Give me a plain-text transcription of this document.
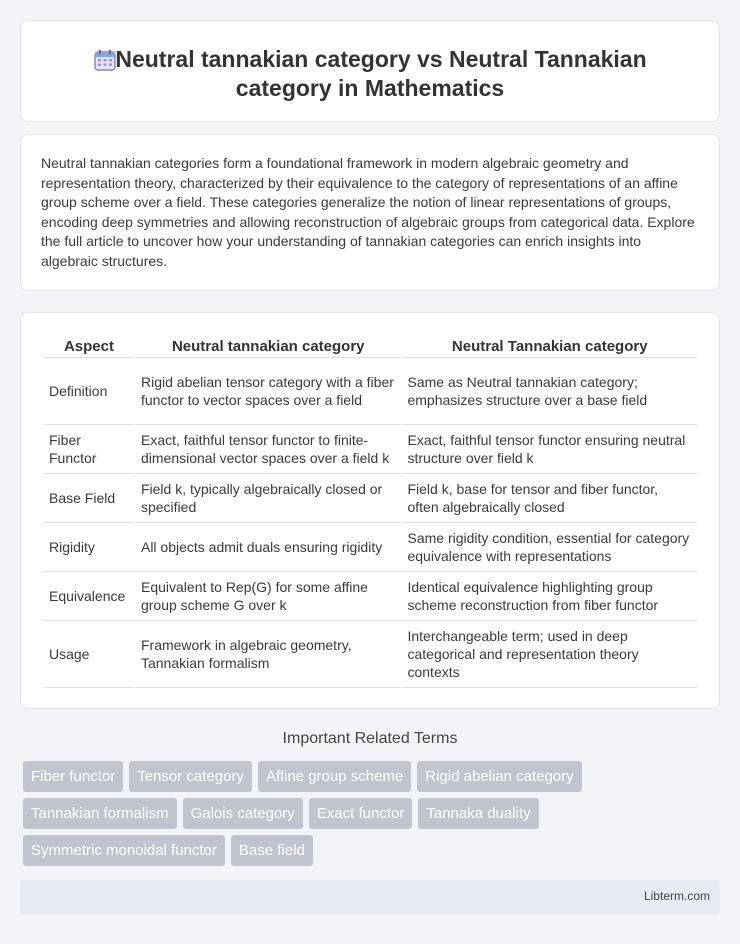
Neutral tannakian category vs Neutral Tannakian
category in Mathematics

Neutral tannakian categories form a foundational framework in modern algebraic geometry and representation theory, characterized by their equivalence to the category of representations of an affine group scheme over a field. These categories generalize the notion of linear representations of groups, encoding deep symmetries and allowing reconstruction of algebraic groups from categorical data. Explore the full article to uncover how your understanding of tannakian categories can enrich insights into algebraic structures.

Aspect	Neutral tannakian category	Neutral Tannakian category
Definition	Rigid abelian tensor category with a fiber functor to vector spaces over a field	Same as Neutral tannakian category; emphasizes structure over a base field
Fiber Functor	Exact, faithful tensor functor to finite-dimensional vector spaces over a field k	Exact, faithful tensor functor ensuring neutral structure over field k
Base Field	Field k, typically algebraically closed or specified	Field k, base for tensor and fiber functor, often algebraically closed
Rigidity	All objects admit duals ensuring rigidity	Same rigidity condition, essential for category equivalence with representations
Equivalence	Equivalent to Rep(G) for some affine group scheme G over k	Identical equivalence highlighting group scheme reconstruction from fiber functor
Usage	Framework in algebraic geometry, Tannakian formalism	Interchangeable term; used in deep categorical and representation theory contexts
Important Related Terms
Fiber functor	Tensor category	Affine group scheme	Rigid abelian category
Tannakian formalism	Galois category	Exact functor	Tannaka duality
Symmetric monoidal functor	Base field
Libterm.com
